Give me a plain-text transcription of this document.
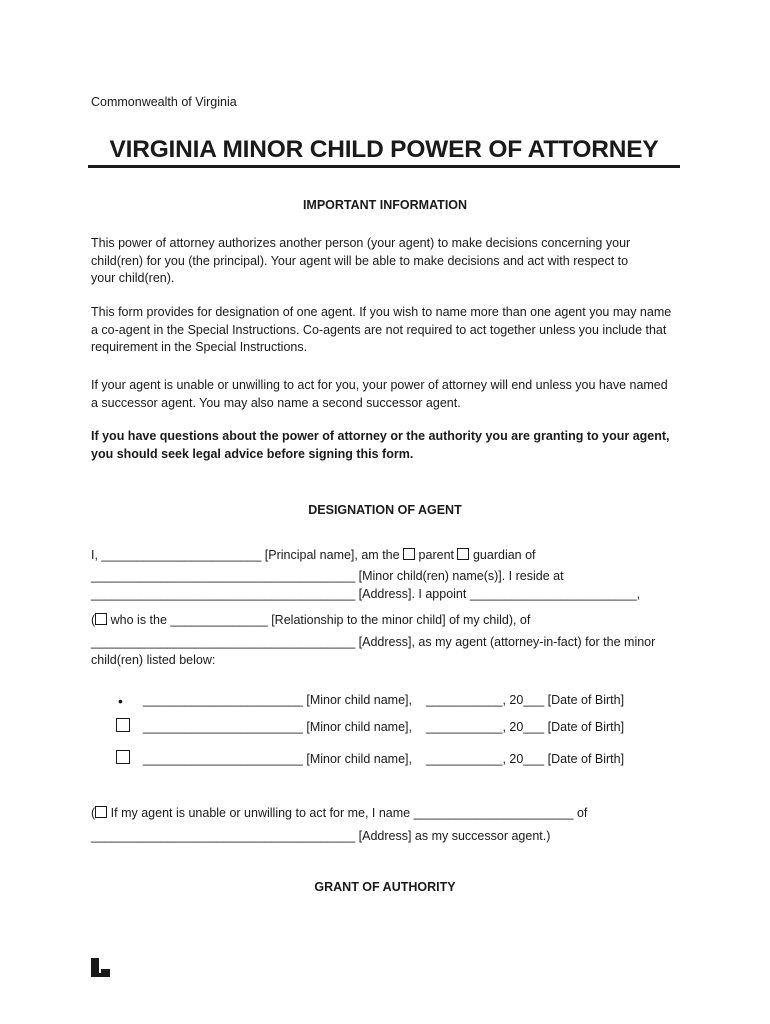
Commonwealth of Virginia
VIRGINIA MINOR CHILD POWER OF ATTORNEY
IMPORTANT INFORMATION
This power of attorney authorizes another person (your agent) to make decisions concerning your
child(ren) for you (the principal). Your agent will be able to make decisions and act with respect to
your child(ren).
This form provides for designation of one agent. If you wish to name more than one agent you may name
a co-agent in the Special Instructions. Co-agents are not required to act together unless you include that
requirement in the Special Instructions.
If your agent is unable or unwilling to act for you, your power of attorney will end unless you have named
a successor agent. You may also name a second successor agent.
If you have questions about the power of attorney or the authority you are granting to your agent,
you should seek legal advice before signing this form.
DESIGNATION OF AGENT
I, _______________________ [Principal name], am the parent guardian of
______________________________________ [Minor child(ren) name(s)]. I reside at
______________________________________ [Address]. I appoint ________________________,
( who is the ______________ [Relationship to the minor child] of my child), of
______________________________________ [Address], as my agent (attorney-in-fact) for the minor
child(ren) listed below:
• _______________________ [Minor child name], ___________, 20___ [Date of Birth]
_______________________ [Minor child name], ___________, 20___ [Date of Birth]
_______________________ [Minor child name], ___________, 20___ [Date of Birth]
( If my agent is unable or unwilling to act for me, I name _______________________ of
______________________________________ [Address] as my successor agent.)
GRANT OF AUTHORITY
